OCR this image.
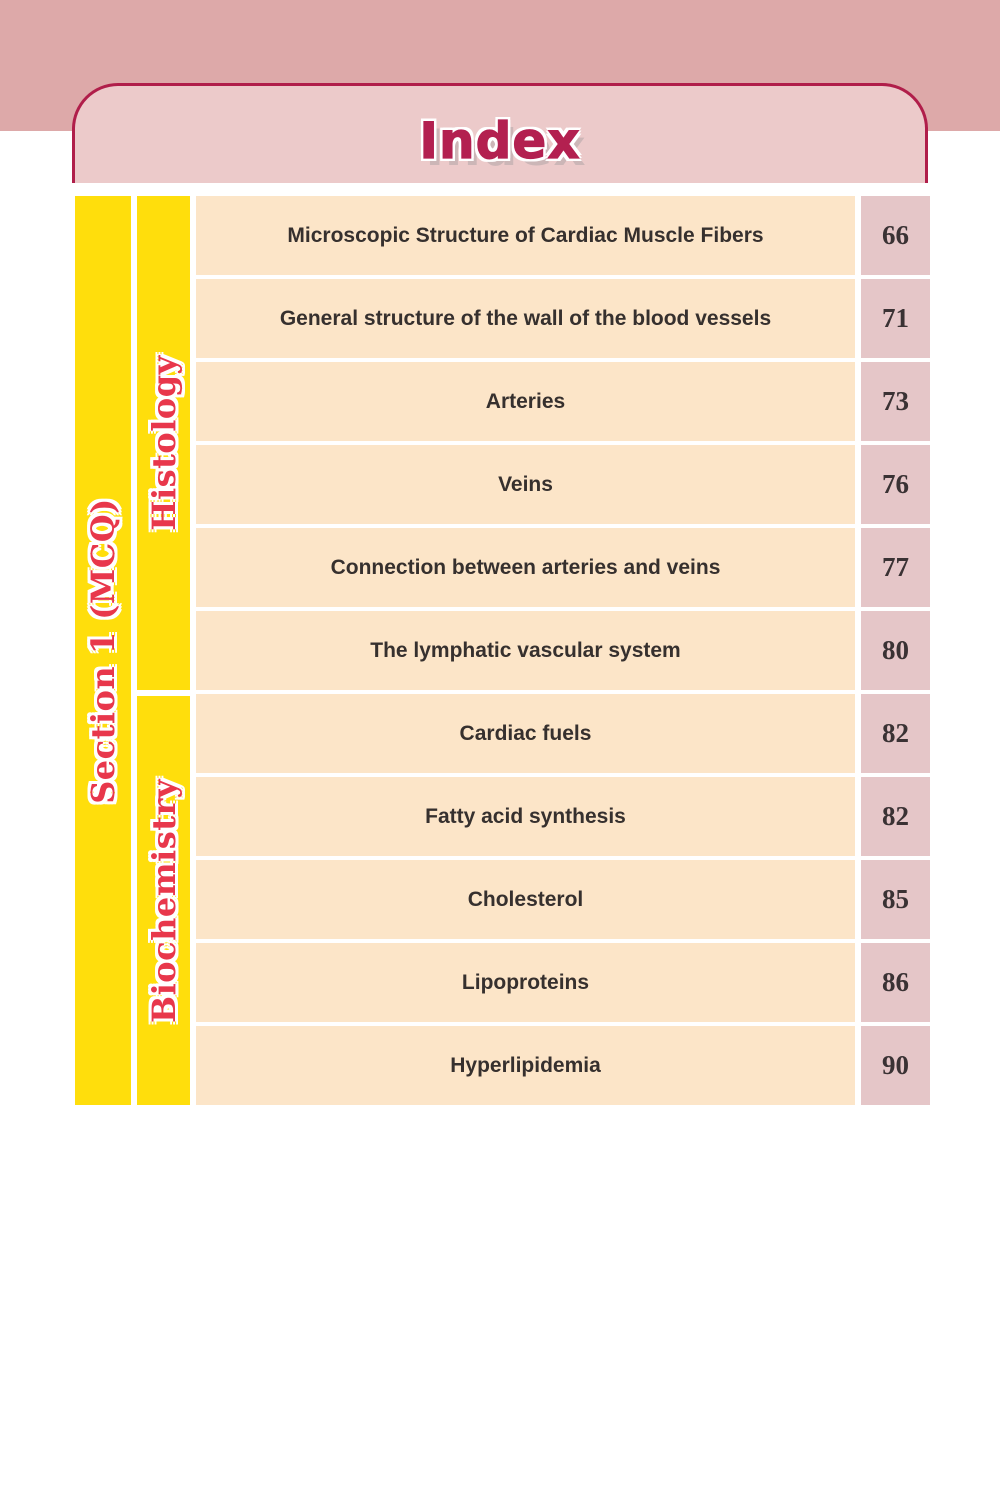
Index
Section 1 (MCQ)
Histology
Biochemistry
Microscopic Structure of Cardiac Muscle Fibers	66
General structure of the wall of the blood vessels	71
Arteries	73
Veins	76
Connection between arteries and veins	77
The lymphatic vascular system	80
Cardiac fuels	82
Fatty acid synthesis	82
Cholesterol	85
Lipoproteins	86
Hyperlipidemia	90
